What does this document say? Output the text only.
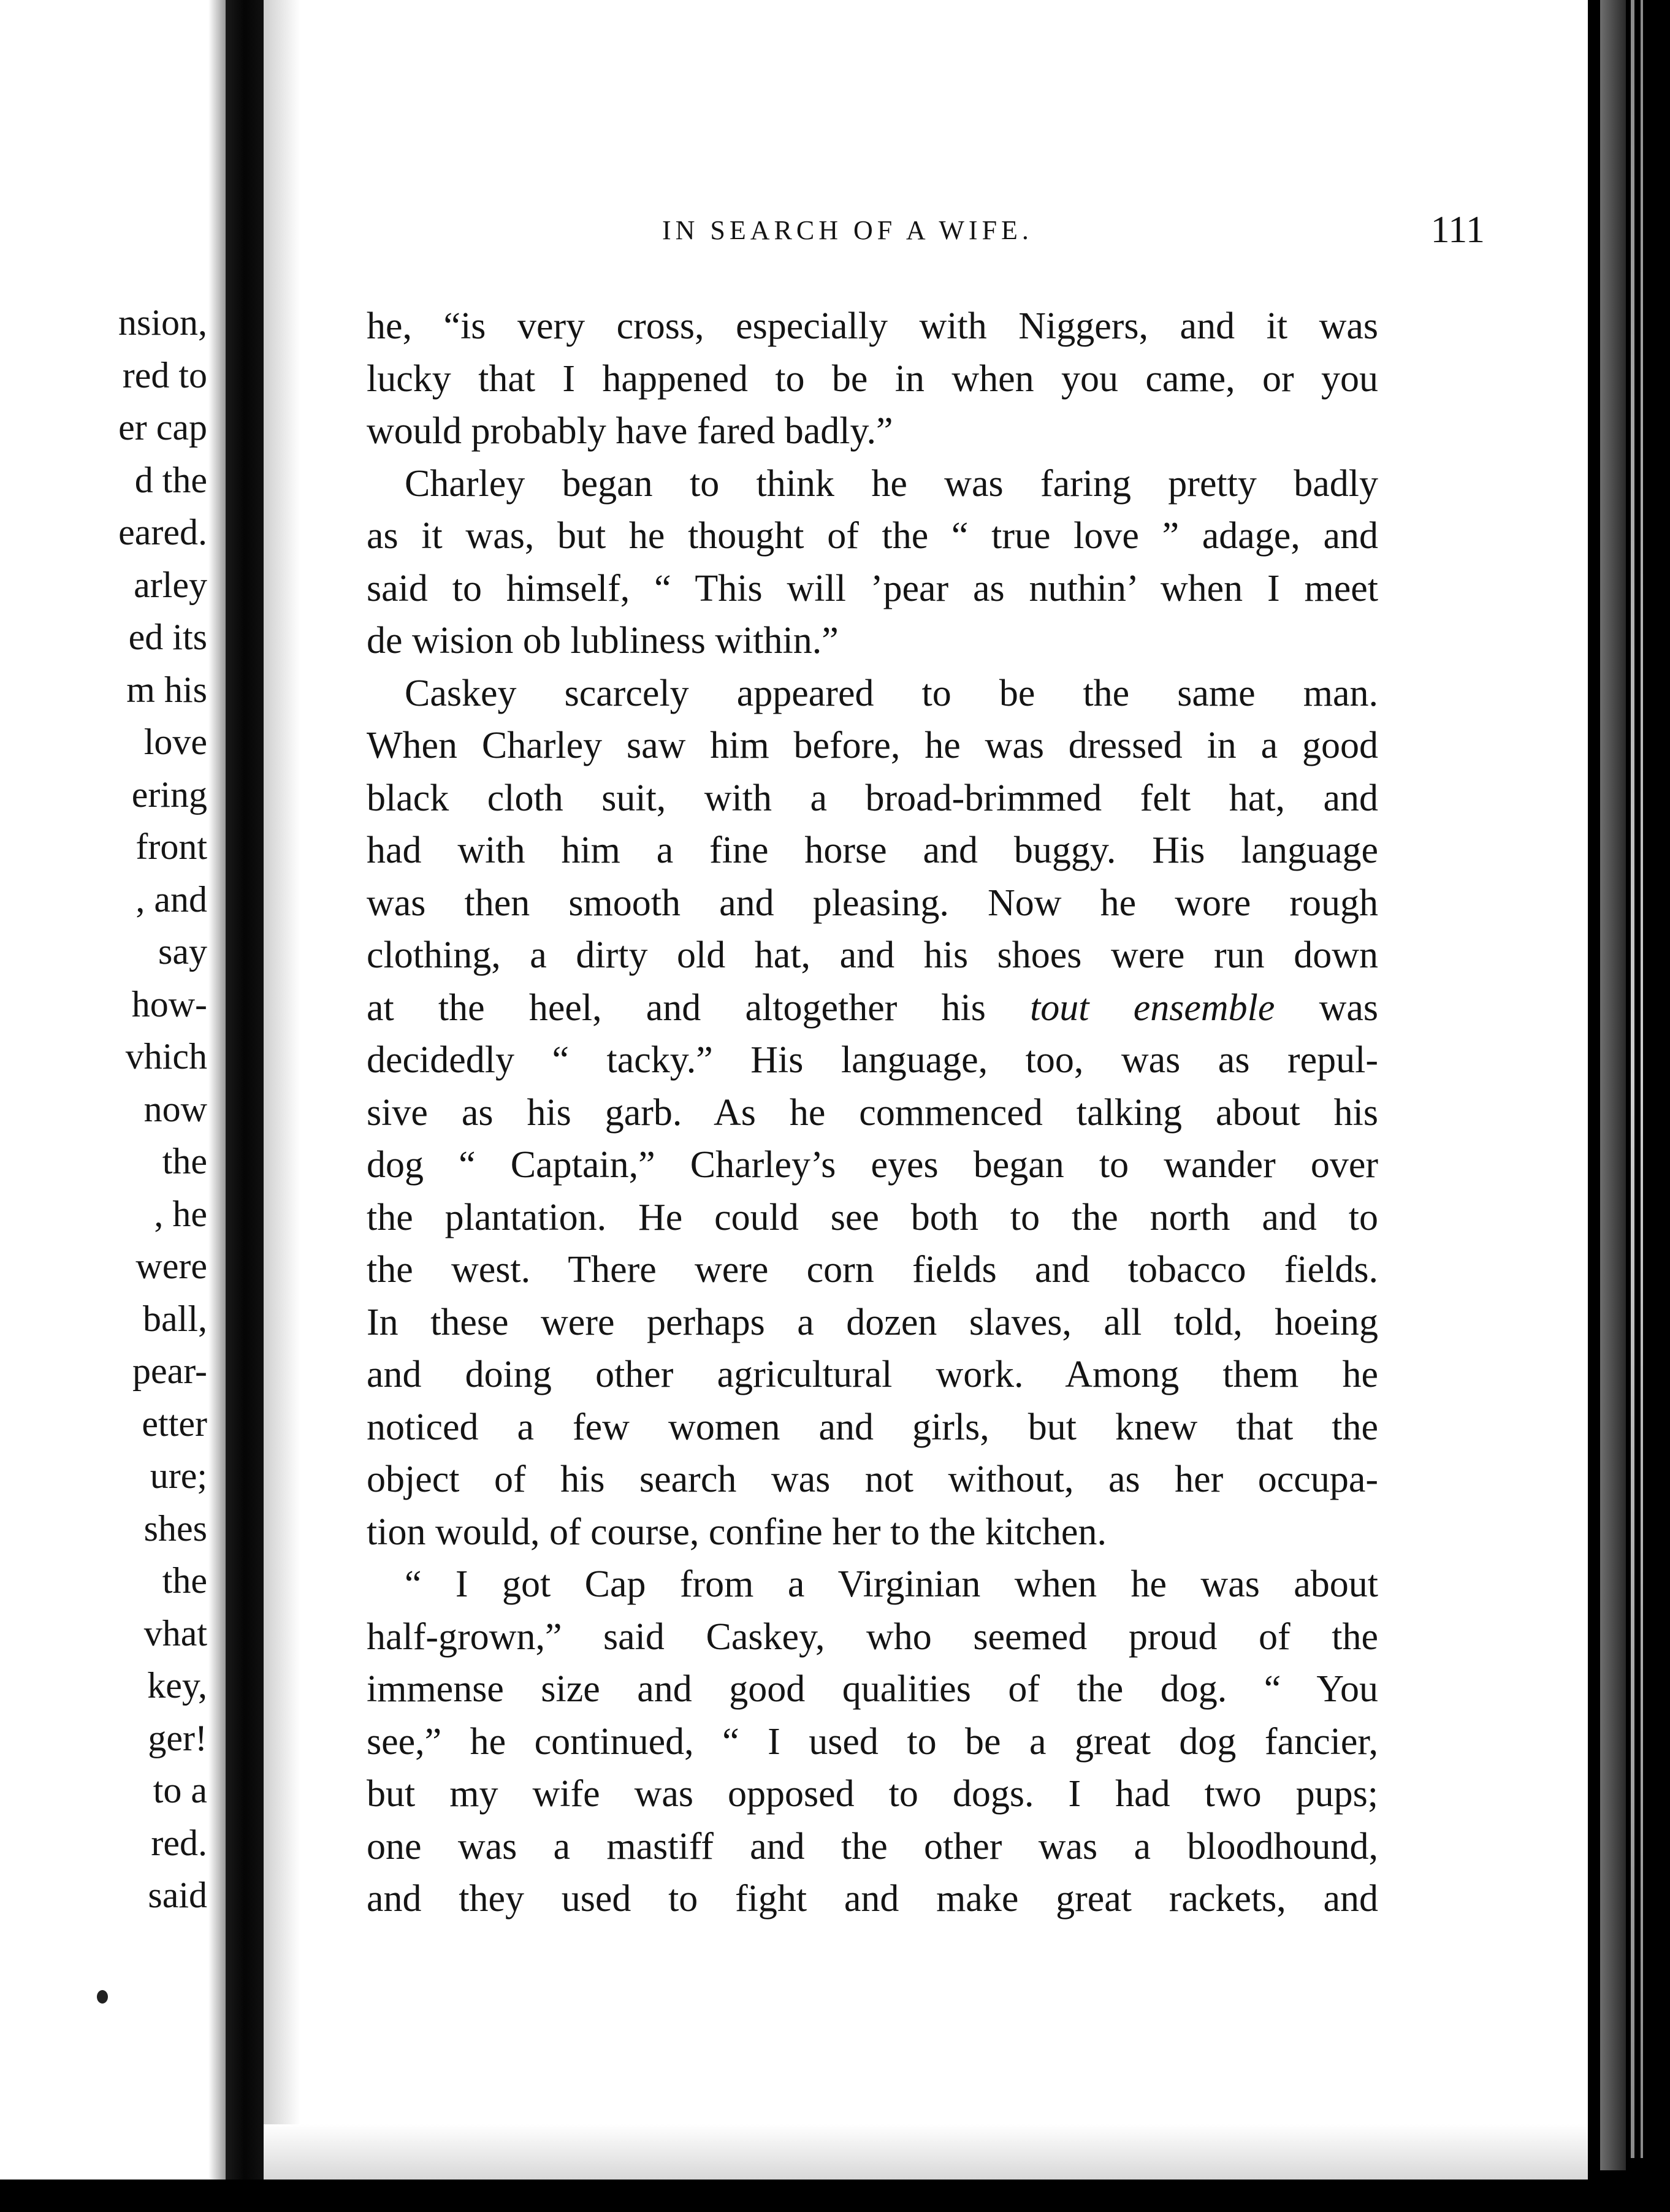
nsion,
red to
er cap
d the
eared.
arley
ed its
m his
love
ering
front
, and
say
how-
vhich
now
the
, he
were
ball,
pear-
etter
ure;
shes
the
vhat
key,
ger!
to a
red.
said
IN SEARCH OF A WIFE.	111
he, “is very cross, especially with Niggers, and it was
lucky that I happened to be in when you came, or you
would probably have fared badly.”
Charley began to think he was faring pretty badly
as it was, but he thought of the “ true love ” adage, and
said to himself, “ This will ’pear as nuthin’ when I meet
de wision ob lubliness within.”
Caskey scarcely appeared to be the same man.
When Charley saw him before, he was dressed in a good
black cloth suit, with a broad-brimmed felt hat, and
had with him a fine horse and buggy. His language
was then smooth and pleasing. Now he wore rough
clothing, a dirty old hat, and his shoes were run down
at the heel, and altogether his tout ensemble was
decidedly “ tacky.” His language, too, was as repul-
sive as his garb. As he commenced talking about his
dog “ Captain,” Charley’s eyes began to wander over
the plantation. He could see both to the north and to
the west. There were corn fields and tobacco fields.
In these were perhaps a dozen slaves, all told, hoeing
and doing other agricultural work. Among them he
noticed a few women and girls, but knew that the
object of his search was not without, as her occupa-
tion would, of course, confine her to the kitchen.
“ I got Cap from a Virginian when he was about
half-grown,” said Caskey, who seemed proud of the
immense size and good qualities of the dog. “ You
see,” he continued, “ I used to be a great dog fancier,
but my wife was opposed to dogs. I had two pups;
one was a mastiff and the other was a bloodhound,
and they used to fight and make great rackets, and
